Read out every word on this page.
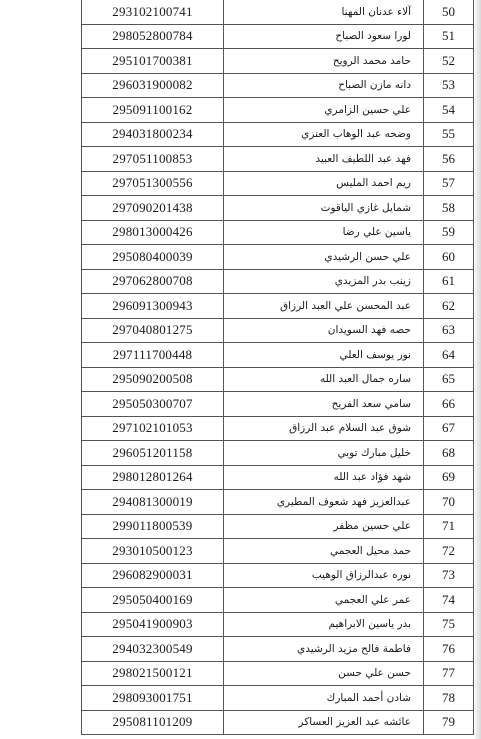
293102100741	آلاء عدنان المهنا	50
298052800784	لورا سعود الصباح	51
295101700381	حامد محمد الرويح	52
296031900082	دانه مازن الصباح	53
295091100162	علي حسين الزامري	54
294031800234	وضحه عبد الوهاب العنزي	55
297051100853	فهد عبد اللطيف العبيد	56
297051300556	ريم احمد المليس	57
297090201438	شمايل غازي الياقوت	58
298013000426	ياسين علي رضا	59
295080400039	علي حسن الرشيدي	60
297062800708	زينب بدر المزيدي	61
296091300943	عبد المحسن علي العبد الرزاق	62
297040801275	حصه فهد السويدان	63
297111700448	نور يوسف العلي	64
295090200508	ساره جمال العبد الله	65
295050300707	سامي سعد الفريح	66
297102101053	شوق عبد السلام عبد الرزاق	67
296051201158	خليل مبارك توبي	68
298012801264	شهد فؤاد عبد الله	69
294081300019	عبدالعزيز فهد شعوف المطيري	70
299011800539	علي حسين مظفر	71
293010500123	حمد محيل العجمي	72
296082900031	نوره عبدالرزاق الوهيب	73
295050400169	عمر علي العجمي	74
295041900903	بدر ياسين الابراهيم	75
294032300549	فاطمة فالح مزيد الرشيدي	76
298021500121	حسن علي حسن	77
298093001751	شادن أحمد المبارك	78
295081101209	عائشه عبد العزيز العساكر	79
